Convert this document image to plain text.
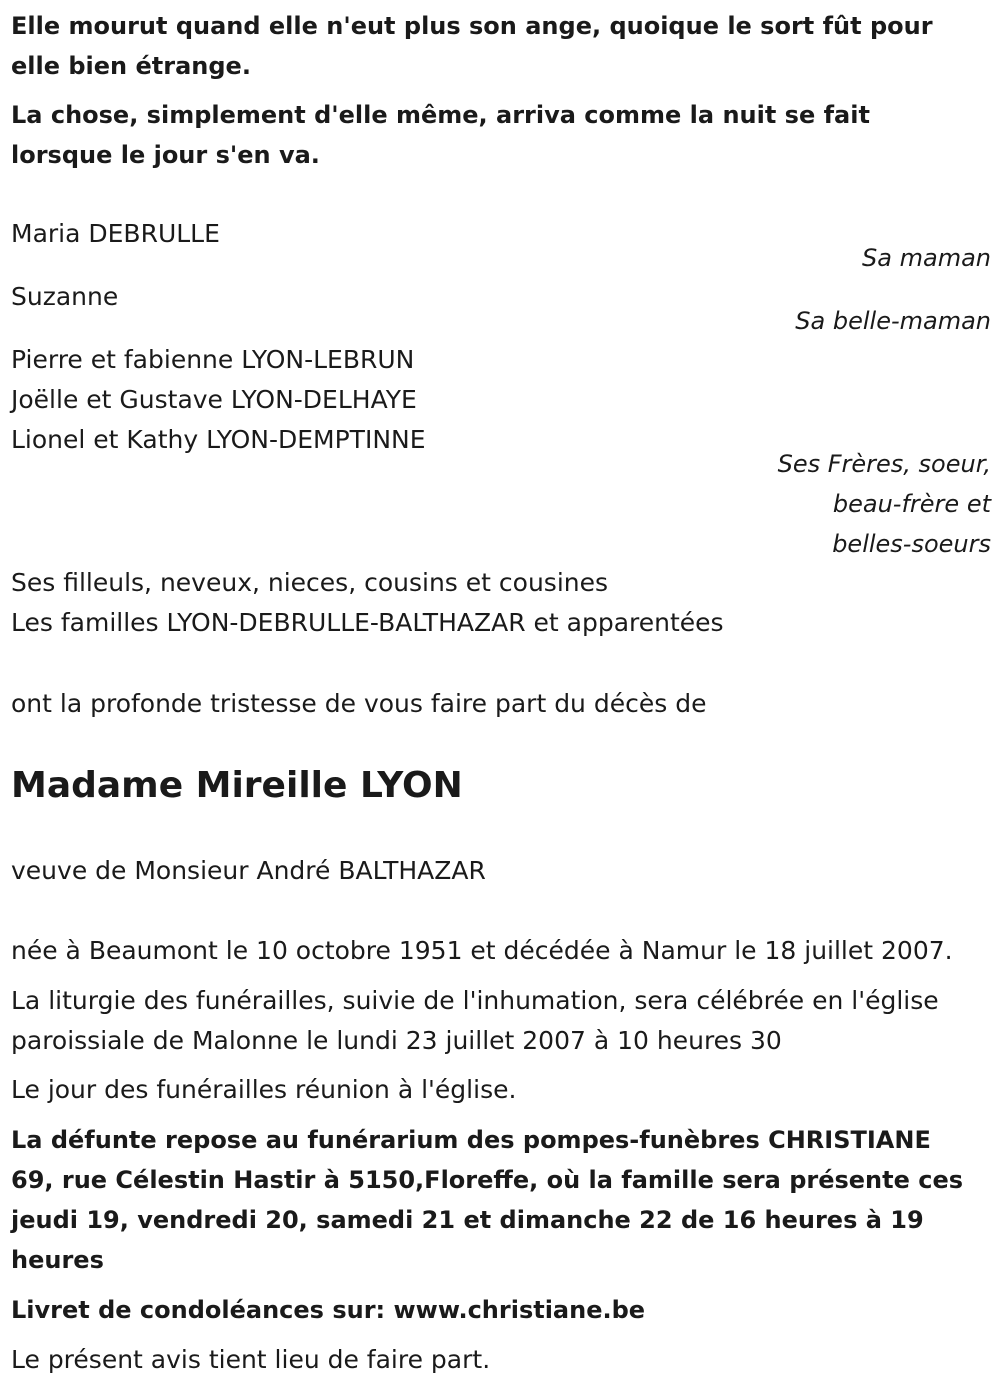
Elle mourut quand elle n'eut plus son ange, quoique le sort fût pour
elle bien étrange.
La chose, simplement d'elle même, arriva comme la nuit se fait
lorsque le jour s'en va.
Maria DEBRULLE
Sa maman
Suzanne
Sa belle-maman
Pierre et fabienne LYON-LEBRUN
Joëlle et Gustave LYON-DELHAYE
Lionel et Kathy LYON-DEMPTINNE
Ses Frères, soeur,
beau-frère et
belles-soeurs
Ses filleuls, neveux, nieces, cousins et cousines
Les familles LYON-DEBRULLE-BALTHAZAR et apparentées
ont la profonde tristesse de vous faire part du décès de
Madame Mireille LYON
veuve de Monsieur André BALTHAZAR
née à Beaumont le 10 octobre 1951 et décédée à Namur le 18 juillet 2007.
La liturgie des funérailles, suivie de l'inhumation, sera célébrée en l'église
paroissiale de Malonne le lundi 23 juillet 2007 à 10 heures 30
Le jour des funérailles réunion à l'église.
La défunte repose au funérarium des pompes-funèbres CHRISTIANE
69, rue Célestin Hastir à 5150,Floreffe, où la famille sera présente ces
jeudi 19, vendredi 20, samedi 21 et dimanche 22 de 16 heures à 19
heures
Livret de condoléances sur: www.christiane.be
Le présent avis tient lieu de faire part.
